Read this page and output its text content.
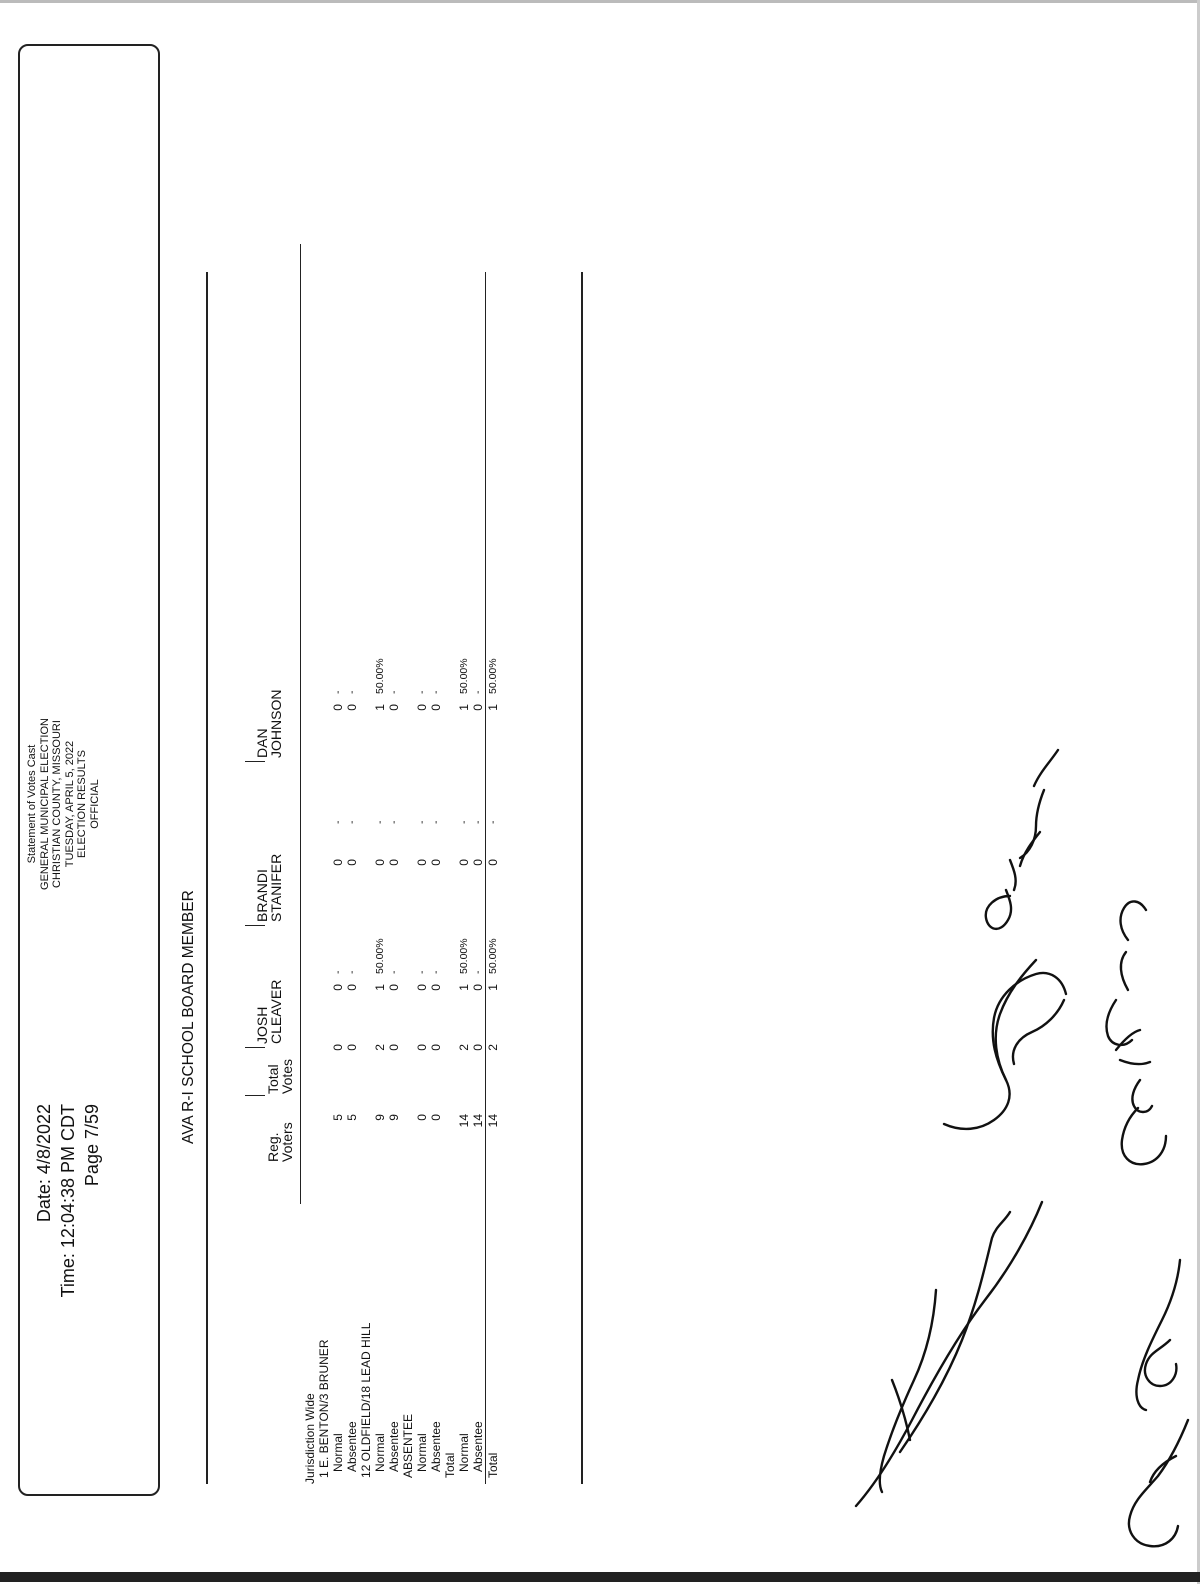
Date: 4/8/2022 Time: 12:04:38 PM CDT Page 7/59
Statement of Votes Cast GENERAL MUNICIPAL ELECTION CHRISTIAN COUNTY, MISSOURI TUESDAY, APRIL 5, 2022 ELECTION RESULTS OFFICIAL
AVA R-I SCHOOL BOARD MEMBER
Reg.
Voters
Total
Votes
JOSH
CLEAVER
BRANDI
STANIFER
DAN
JOHNSON
Jurisdiction Wide 1 E. BENTON/3 BRUNER Normal
5
0
0
-
0
-
0
-
Absentee
5
0
0
-
0
-
0
-
12 OLDFIELD/18 LEAD HILL Normal
9
2
1
50.00%
0
-
1
50.00%
Absentee
9
0
0
-
0
-
0
-
ABSENTEE Normal
0
0
0
-
0
-
0
-
Absentee
0
0
0
-
0
-
0
-
Total Normal
14
2
1
50.00%
0
-
1
50.00%
Absentee
14
0
0
-
0
-
0
-
Total
14
2
1
50.00%
0
-
1
50.00%
